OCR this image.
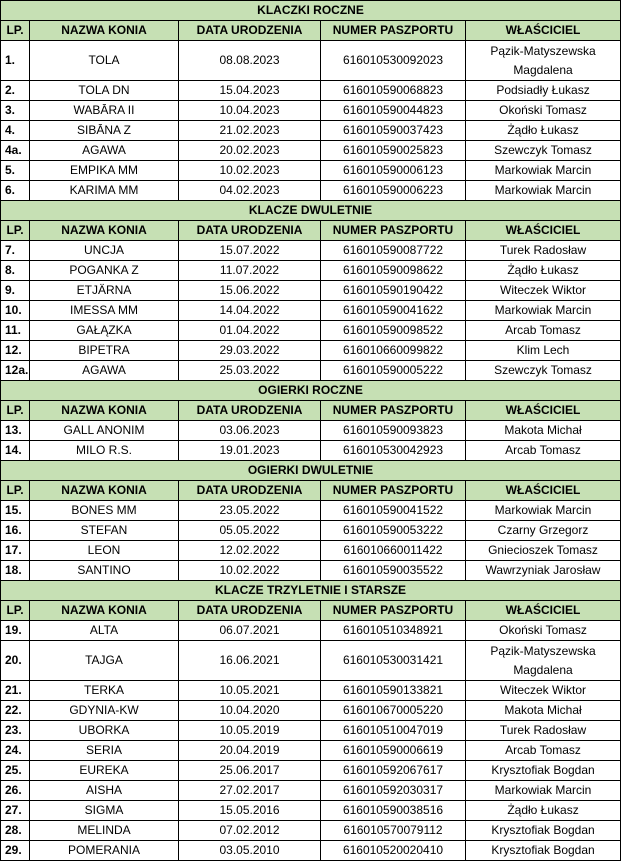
KLACZKI ROCZNE				
LP.	NAZWA KONIA	DATA URODZENIA	NUMER PASZPORTU	WŁAŚCICIEL
1.	TOLA	08.08.2023	616010530092023	Pązik-Matyszewska Magdalena
2.	TOLA DN	15.04.2023	616010590068823	Podsiadły Łukasz
3.	WABĀRA II	10.04.2023	616010590044823	Okoński Tomasz
4.	SIBĀNA Z	21.02.2023	616010590037423	Żądło Łukasz
4a.	AGAWA	20.02.2023	616010590025823	Szewczyk Tomasz
5.	EMPIKA MM	10.02.2023	616010590006123	Markowiak Marcin
6.	KARIMA MM	04.02.2023	616010590006223	Markowiak Marcin
KLACZE DWULETNIE				
LP.	NAZWA KONIA	DATA URODZENIA	NUMER PASZPORTU	WŁAŚCICIEL
7.	UNCJA	15.07.2022	616010590087722	Turek Radosław
8.	POGANKA Z	11.07.2022	616010590098622	Żądło Łukasz
9.	ETJÄRNA	15.06.2022	616010590190422	Witeczek Wiktor
10.	IMESSA MM	14.04.2022	616010590041622	Markowiak Marcin
11.	GAŁĄZKA	01.04.2022	616010590098522	Arcab Tomasz
12.	BIPETRA	29.03.2022	616010660099822	Klim Lech
12a.	AGAWA	25.03.2022	616010590005222	Szewczyk Tomasz
OGIERKI ROCZNE				
LP.	NAZWA KONIA	DATA URODZENIA	NUMER PASZPORTU	WŁAŚCICIEL
13.	GALL ANONIM	03.06.2023	616010590093823	Makota Michał
14.	MILO R.S.	19.01.2023	616010530042923	Arcab Tomasz
OGIERKI DWULETNIE				
LP.	NAZWA KONIA	DATA URODZENIA	NUMER PASZPORTU	WŁAŚCICIEL
15.	BONES MM	23.05.2022	616010590041522	Markowiak Marcin
16.	STEFAN	05.05.2022	616010590053222	Czarny Grzegorz
17.	LEON	12.02.2022	616010660011422	Gniecioszek Tomasz
18.	SANTINO	10.02.2022	616010590035522	Wawrzyniak Jarosław
KLACZE TRZYLETNIE I STARSZE				
LP.	NAZWA KONIA	DATA URODZENIA	NUMER PASZPORTU	WŁAŚCICIEL
19.	ALTA	06.07.2021	616010510348921	Okoński Tomasz
20.	TAJGA	16.06.2021	616010530031421	Pązik-Matyszewska Magdalena
21.	TERKA	10.05.2021	616010590133821	Witeczek Wiktor
22.	GDYNIA-KW	10.04.2020	616010670005220	Makota Michał
23.	UBORKA	10.05.2019	616010510047019	Turek Radosław
24.	SERIA	20.04.2019	616010590006619	Arcab Tomasz
25.	EUREKA	25.06.2017	616010592067617	Krysztofiak Bogdan
26.	AISHA	27.02.2017	616010592030317	Markowiak Marcin
27.	SIGMA	15.05.2016	616010590038516	Żądło Łukasz
28.	MELINDA	07.02.2012	616010570079112	Krysztofiak Bogdan
29.	POMERANIA	03.05.2010	616010520020410	Krysztofiak Bogdan
